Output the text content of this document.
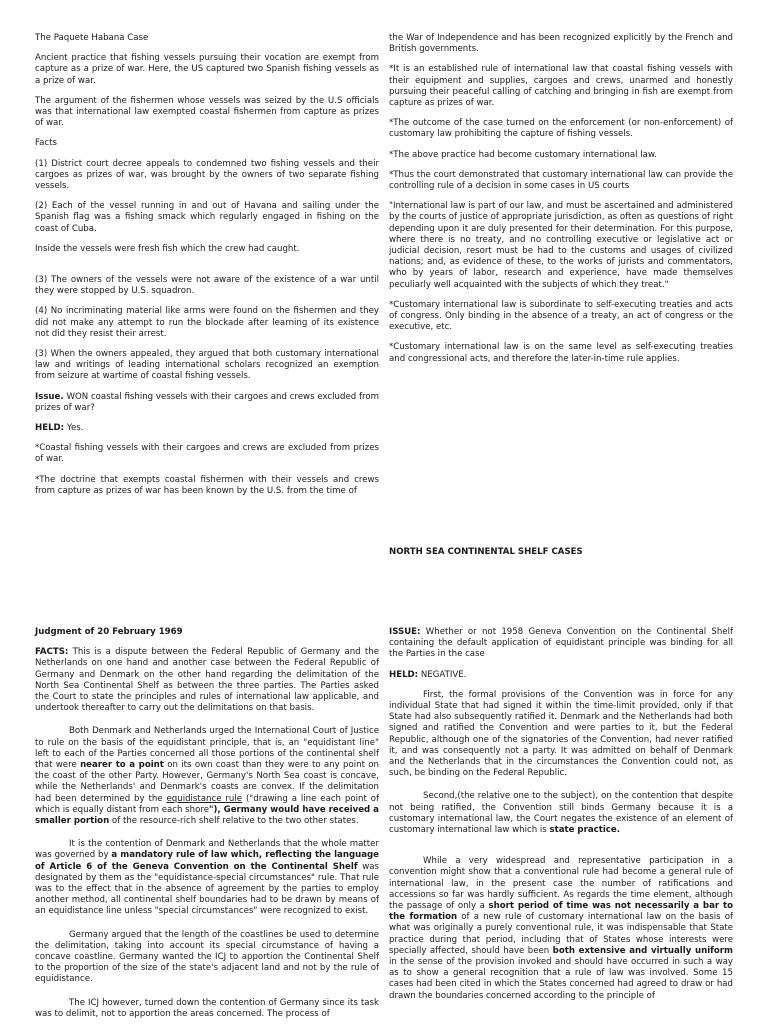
The Paquete Habana Case

Ancient practice that fishing vessels pursuing their vocation are exempt from capture as a prize of war. Here, the US captured two Spanish fishing vessels as a prize of war.

The argument of the fishermen whose vessels was seized by the U.S officials was that international law exempted coastal fishermen from capture as prizes of war.

Facts

(1) District court decree appeals to condemned two fishing vessels and their cargoes as prizes of war, was brought by the owners of two separate fishing vessels.

(2) Each of the vessel running in and out of Havana and sailing under the Spanish flag was a fishing smack which regularly engaged in fishing on the coast of Cuba.

Inside the vessels were fresh fish which the crew had caught.

(3) The owners of the vessels were not aware of the existence of a war until they were stopped by U.S. squadron.

(4) No incriminating material like arms were found on the fishermen and they did not make any attempt to run the blockade after learning of its existence not did they resist their arrest.

(3) When the owners appealed, they argued that both customary international law and writings of leading international scholars recognized an exemption from seizure at wartime of coastal fishing vessels.

Issue. WON coastal fishing vessels with their cargoes and crews excluded from prizes of war?

HELD: Yes.

*Coastal fishing vessels with their cargoes and crews are excluded from prizes of war.

*The doctrine that exempts coastal fishermen with their vessels and crews from capture as prizes of war has been known by the U.S. from the time of

the War of Independence and has been recognized explicitly by the French and British governments.

*It is an established rule of international law that coastal fishing vessels with their equipment and supplies, cargoes and crews, unarmed and honestly pursuing their peaceful calling of catching and bringing in fish are exempt from capture as prizes of war.

*The outcome of the case turned on the enforcement (or non-enforcement) of customary law prohibiting the capture of fishing vessels.

*The above practice had become customary international law.

*Thus the court demonstrated that customary international law can provide the controlling rule of a decision in some cases in US courts

"International law is part of our law, and must be ascertained and administered by the courts of justice of appropriate jurisdiction, as often as questions of right depending upon it are duly presented for their determination. For this purpose, where there is no treaty, and no controlling executive or legislative act or judicial decision, resort must be had to the customs and usages of civilized nations; and, as evidence of these, to the works of jurists and commentators, who by years of labor, research and experience, have made themselves peculiarly well acquainted with the subjects of which they treat."

*Customary international law is subordinate to self-executing treaties and acts of congress. Only binding in the absence of a treaty, an act of congress or the executive, etc.

*Customary international law is on the same level as self-executing treaties and congressional acts, and therefore the later-in-time rule applies.

NORTH SEA CONTINENTAL SHELF CASES

Judgment of 20 February 1969

FACTS: This is a dispute between the Federal Republic of Germany and the Netherlands on one hand and another case between the Federal Republic of Germany and Denmark on the other hand regarding the delimitation of the North Sea Continental Shelf as between the three parties. The Parties asked the Court to state the principles and rules of international law applicable, and undertook thereafter to carry out the delimitations on that basis.

Both Denmark and Netherlands urged the International Court of Justice to rule on the basis of the equidistant principle, that is, an "equidistant line" left to each of the Parties concerned all those portions of the continental shelf that were nearer to a point on its own coast than they were to any point on the coast of the other Party. However, Germany's North Sea coast is concave, while the Netherlands' and Denmark's coasts are convex. If the delimitation had been determined by the equidistance rule ("drawing a line each point of which is equally distant from each shore"), Germany would have received a smaller portion of the resource-rich shelf relative to the two other states.

It is the contention of Denmark and Netherlands that the whole matter was governed by a mandatory rule of law which, reflecting the language of Article 6 of the Geneva Convention on the Continental Shelf was designated by them as the "equidistance-special circumstances" rule. That rule was to the effect that in the absence of agreement by the parties to employ another method, all continental shelf boundaries had to be drawn by means of an equidistance line unless "special circumstances" were recognized to exist.

Germany argued that the length of the coastlines be used to determine the delimitation, taking into account its special circumstance of having a concave coastline. Germany wanted the ICJ to apportion the Continental Shelf to the proportion of the size of the state's adjacent land and not by the rule of equidistance.

The ICJ however, turned down the contention of Germany since its task was to delimit, not to apportion the areas concerned. The process of

ISSUE: Whether or not 1958 Geneva Convention on the Continental Shelf containing the default application of equidistant principle was binding for all the Parties in the case

HELD: NEGATIVE.

First, the formal provisions of the Convention was in force for any individual State that had signed it within the time-limit provided, only if that State had also subsequently ratified it. Denmark and the Netherlands had both signed and ratified the Convention and were parties to it, but the Federal Republic, although one of the signatories of the Convention, had never ratified it, and was consequently not a party. It was admitted on behalf of Denmark and the Netherlands that in the circumstances the Convention could not, as such, be binding on the Federal Republic.

Second,(the relative one to the subject), on the contention that despite not being ratified, the Convention still binds Germany because it is a customary international law, the Court negates the existence of an element of customary international law which is state practice.

While a very widespread and representative participation in a convention might show that a conventional rule had become a general rule of international law, in the present case the number of ratifications and accessions so far was hardly sufficient. As regards the time element, although the passage of only a short period of time was not necessarily a bar to the formation of a new rule of customary international law on the basis of what was originally a purely conventional rule, it was indispensable that State practice during that period, including that of States whose interests were specially affected, should have been both extensive and virtually uniform in the sense of the provision invoked and should have occurred in such a way as to show a general recognition that a rule of law was involved. Some 15 cases had been cited in which the States concerned had agreed to draw or had drawn the boundaries concerned according to the principle of
